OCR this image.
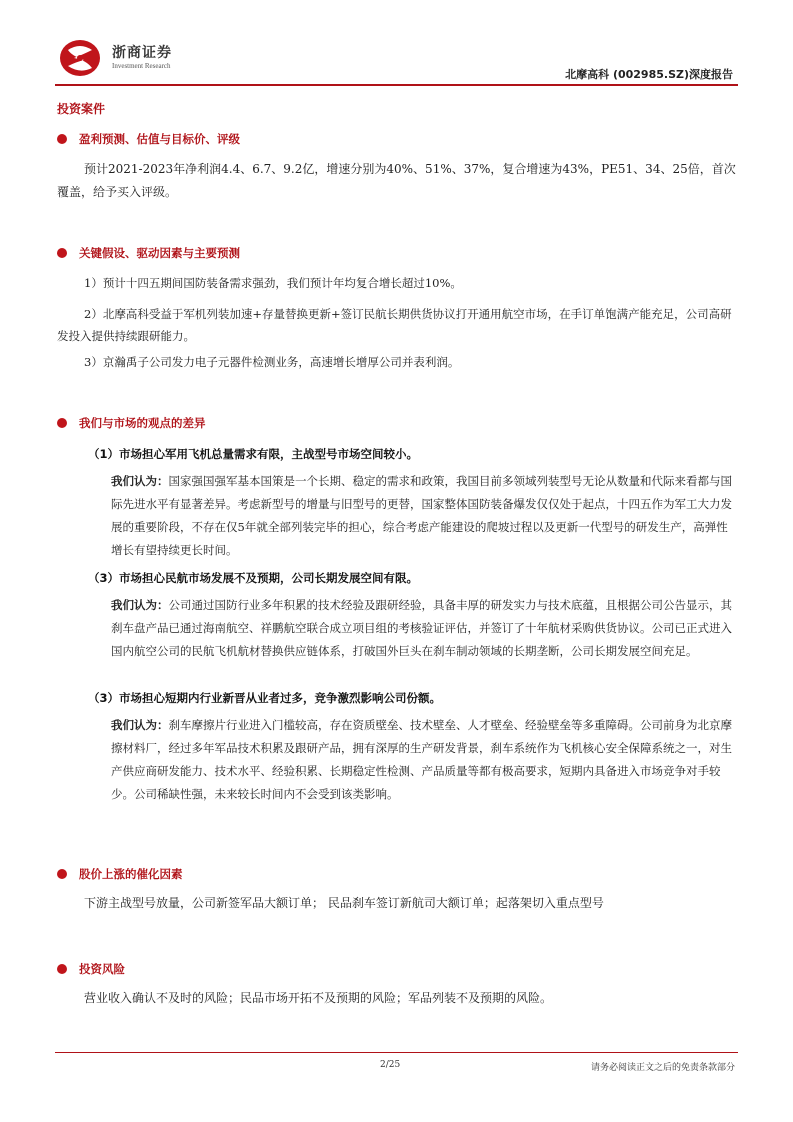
浙商证券
Investment Research
北摩高科 (002985.SZ)深度报告
投资案件
盈利预测、估值与目标价、评级
预计2021-2023年净利润4.4、6.7、9.2亿，增速分别为40%、51%、37%，复合增速为43%，PE51、34、25倍，首次覆盖，给予买入评级。
关键假设、驱动因素与主要预测
1）预计十四五期间国防装备需求强劲，我们预计年均复合增长超过10%。
2）北摩高科受益于军机列装加速+存量替换更新+签订民航长期供货协议打开通用航空市场，在手订单饱满产能充足，公司高研发投入提供持续跟研能力。
3）京瀚禹子公司发力电子元器件检测业务，高速增长增厚公司并表利润。
我们与市场的观点的差异
（1）市场担心军用飞机总量需求有限，主战型号市场空间较小。
我们认为：国家强国强军基本国策是一个长期、稳定的需求和政策，我国目前多领域列装型号无论从数量和代际来看都与国际先进水平有显著差异。考虑新型号的增量与旧型号的更替，国家整体国防装备爆发仅仅处于起点，十四五作为军工大力发展的重要阶段，不存在仅5年就全部列装完毕的担心，综合考虑产能建设的爬坡过程以及更新一代型号的研发生产，高弹性增长有望持续更长时间。
（3）市场担心民航市场发展不及预期，公司长期发展空间有限。
我们认为：公司通过国防行业多年积累的技术经验及跟研经验，具备丰厚的研发实力与技术底蕴，且根据公司公告显示，其刹车盘产品已通过海南航空、祥鹏航空联合成立项目组的考核验证评估，并签订了十年航材采购供货协议。公司已正式进入国内航空公司的民航飞机航材替换供应链体系，打破国外巨头在刹车制动领域的长期垄断，公司长期发展空间充足。
（3）市场担心短期内行业新晋从业者过多，竞争激烈影响公司份额。
我们认为：刹车摩擦片行业进入门槛较高，存在资质壁垒、技术壁垒、人才壁垒、经验壁垒等多重障碍。公司前身为北京摩擦材料厂，经过多年军品技术积累及跟研产品，拥有深厚的生产研发背景，刹车系统作为飞机核心安全保障系统之一，对生产供应商研发能力、技术水平、经验积累、长期稳定性检测、产品质量等都有极高要求，短期内具备进入市场竞争对手较少。公司稀缺性强，未来较长时间内不会受到该类影响。
股价上涨的催化因素
下游主战型号放量，公司新签军品大额订单； 民品刹车签订新航司大额订单；起落架切入重点型号
投资风险
营业收入确认不及时的风险；民品市场开拓不及预期的风险；军品列装不及预期的风险。
2/25	请务必阅读正文之后的免责条款部分
